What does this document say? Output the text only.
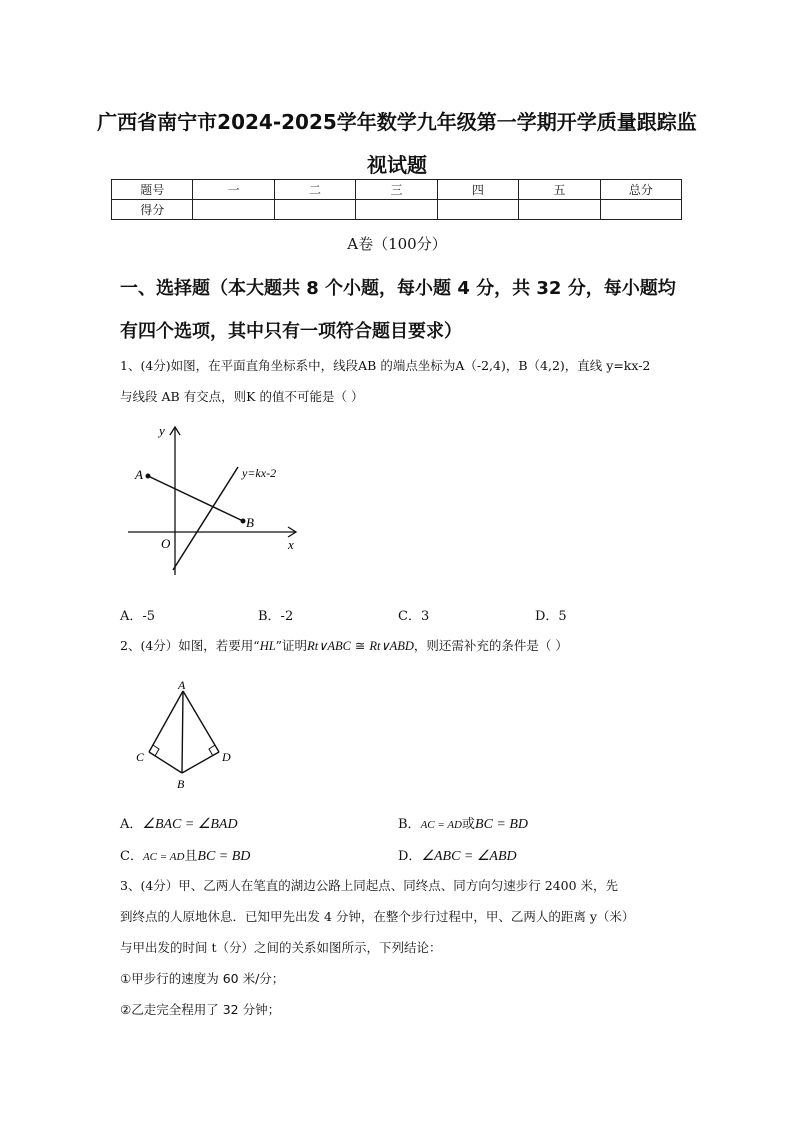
广西省南宁市2024-2025学年数学九年级第一学期开学质量跟踪监
视试题
题号	一	二	三	四	五	总分
得分						
A卷（100分）
一、选择题（本大题共 8 个小题，每小题 4 分，共 32 分，每小题均
有四个选项，其中只有一项符合题目要求）
1、(4分)如图，在平面直角坐标系中，线段AB 的端点坐标为A（-2,4)，B（4,2)，直线 y=kx-2
与线段 AB 有交点，则K 的值不可能是（ ）
y
x
O
A
B
y=kx-2
A．-5	B．-2	C．3	D．5
2、(4分）如图，若要用“HL”证明Rt∨ABC ≅ Rt∨ABD，则还需补充的条件是（ ）
A
B
C	D
A．∠BAC = ∠BAD	B．AC = AD或BC = BD
C．AC = AD且BC = BD	D．∠ABC = ∠ABD
3、(4分）甲、乙两人在笔直的湖边公路上同起点、同终点、同方向匀速步行 2400 米，先
到终点的人原地休息．已知甲先出发 4 分钟，在整个步行过程中，甲、乙两人的距离 y（米）
与甲出发的时间 t（分）之间的关系如图所示，下列结论：
①甲步行的速度为 60 米/分；
②乙走完全程用了 32 分钟；
